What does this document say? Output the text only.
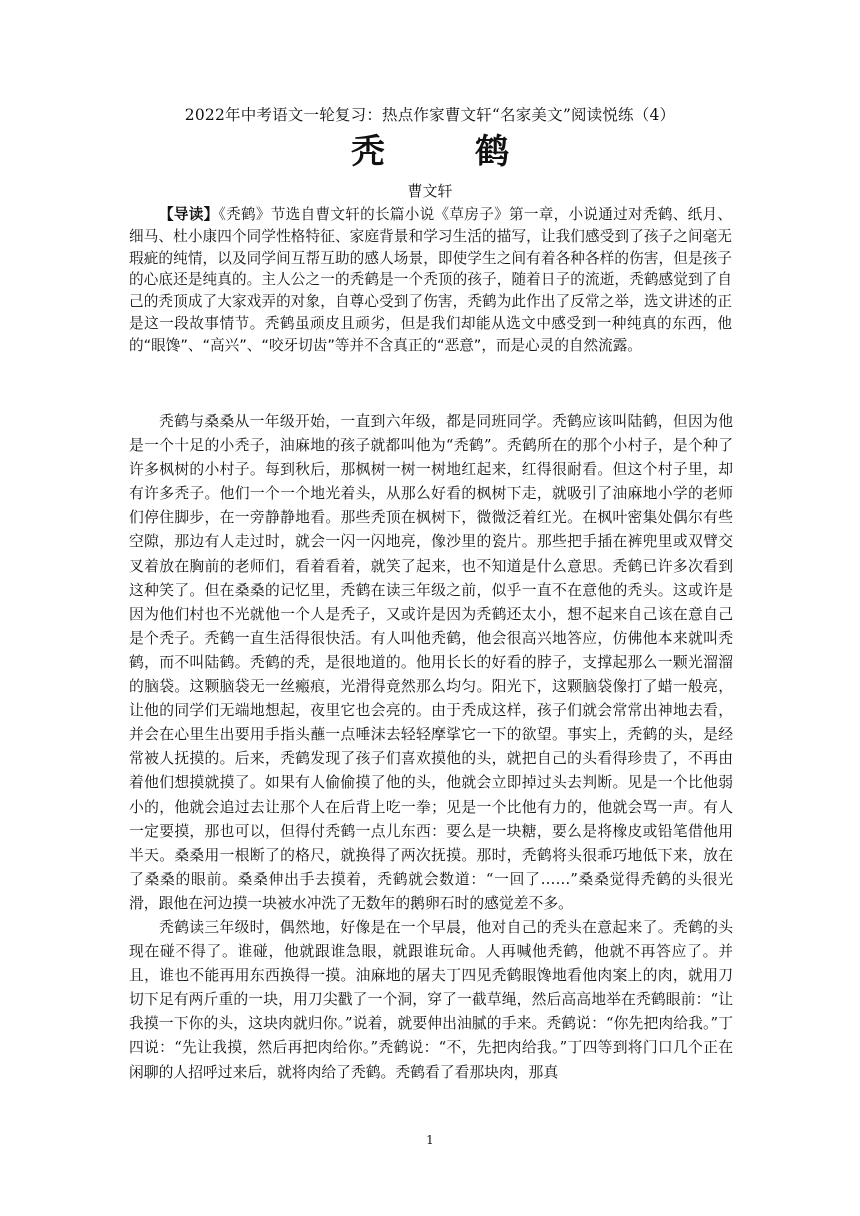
2022年中考语文一轮复习：热点作家曹文轩“名家美文”阅读悦练（4）
秃　鹤
曹文轩
【导读】《秃鹤》节选自曹文轩的长篇小说《草房子》第一章，小说通过对秃鹤、纸月、细马、杜小康四个同学性格特征、家庭背景和学习生活的描写，让我们感受到了孩子之间毫无瑕疵的纯情，以及同学间互帮互助的感人场景，即使学生之间有着各种各样的伤害，但是孩子的心底还是纯真的。主人公之一的秃鹤是一个秃顶的孩子，随着日子的流逝，秃鹤感觉到了自己的秃顶成了大家戏弄的对象，自尊心受到了伤害，秃鹤为此作出了反常之举，选文讲述的正是这一段故事情节。秃鹤虽顽皮且顽劣，但是我们却能从选文中感受到一种纯真的东西，他的“眼馋”、“高兴”、“咬牙切齿”等并不含真正的“恶意”，而是心灵的自然流露。

秃鹤与桑桑从一年级开始，一直到六年级，都是同班同学。秃鹤应该叫陆鹤，但因为他是一个十足的小秃子，油麻地的孩子就都叫他为“秃鹤”。秃鹤所在的那个小村子，是个种了许多枫树的小村子。每到秋后，那枫树一树一树地红起来，红得很耐看。但这个村子里，却有许多秃子。他们一个一个地光着头，从那么好看的枫树下走，就吸引了油麻地小学的老师们停住脚步，在一旁静静地看。那些秃顶在枫树下，微微泛着红光。在枫叶密集处偶尔有些空隙，那边有人走过时，就会一闪一闪地亮，像沙里的瓷片。那些把手插在裤兜里或双臂交叉着放在胸前的老师们，看着看着，就笑了起来，也不知道是什么意思。秃鹤已许多次看到这种笑了。但在桑桑的记忆里，秃鹤在读三年级之前，似乎一直不在意他的秃头。这或许是因为他们村也不光就他一个人是秃子，又或许是因为秃鹤还太小，想不起来自己该在意自己是个秃子。秃鹤一直生活得很快活。有人叫他秃鹤，他会很高兴地答应，仿佛他本来就叫秃鹤，而不叫陆鹤。秃鹤的秃，是很地道的。他用长长的好看的脖子，支撑起那么一颗光溜溜的脑袋。这颗脑袋无一丝瘢痕，光滑得竟然那么均匀。阳光下，这颗脑袋像打了蜡一般亮，让他的同学们无端地想起，夜里它也会亮的。由于秃成这样，孩子们就会常常出神地去看，并会在心里生出要用手指头蘸一点唾沫去轻轻摩挲它一下的欲望。事实上，秃鹤的头，是经常被人抚摸的。后来，秃鹤发现了孩子们喜欢摸他的头，就把自己的头看得珍贵了，不再由着他们想摸就摸了。如果有人偷偷摸了他的头，他就会立即掉过头去判断。见是一个比他弱小的，他就会追过去让那个人在后背上吃一拳；见是一个比他有力的，他就会骂一声。有人一定要摸，那也可以，但得付秃鹤一点儿东西：要么是一块糖，要么是将橡皮或铅笔借他用半天。桑桑用一根断了的格尺，就换得了两次抚摸。那时，秃鹤将头很乖巧地低下来，放在了桑桑的眼前。桑桑伸出手去摸着，秃鹤就会数道：“一回了……”桑桑觉得秃鹤的头很光滑，跟他在河边摸一块被水冲洗了无数年的鹅卵石时的感觉差不多。

秃鹤读三年级时，偶然地，好像是在一个早晨，他对自己的秃头在意起来了。秃鹤的头现在碰不得了。谁碰，他就跟谁急眼，就跟谁玩命。人再喊他秃鹤，他就不再答应了。并且，谁也不能再用东西换得一摸。油麻地的屠夫丁四见秃鹤眼馋地看他肉案上的肉，就用刀切下足有两斤重的一块，用刀尖戳了一个洞，穿了一截草绳，然后高高地举在秃鹤眼前：“让我摸一下你的头，这块肉就归你。”说着，就要伸出油腻的手来。秃鹤说：“你先把肉给我。”丁四说：“先让我摸，然后再把肉给你。”秃鹤说：“不，先把肉给我。”丁四等到将门口几个正在闲聊的人招呼过来后，就将肉给了秃鹤。秃鹤看了看那块肉，那真

1
